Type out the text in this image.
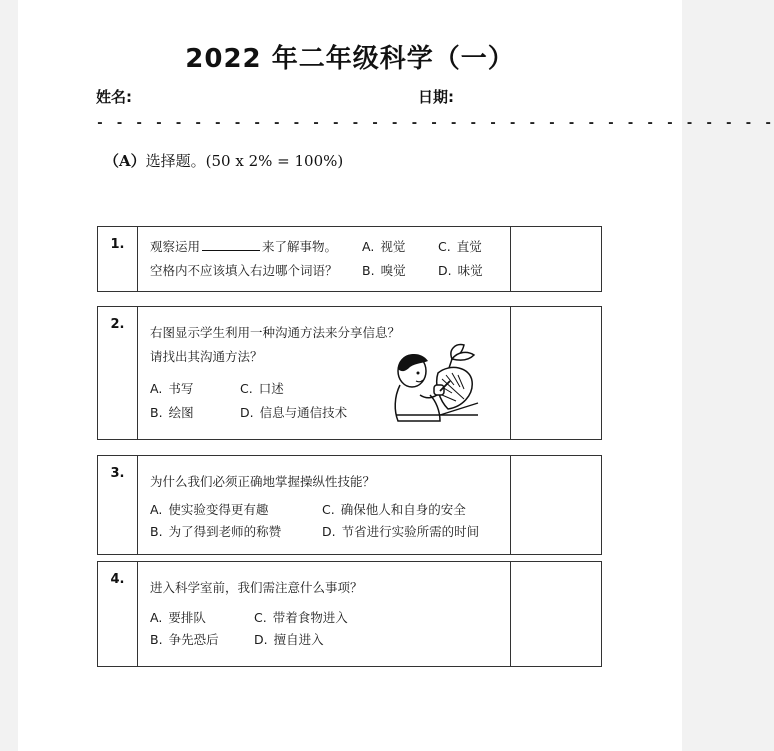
2022 年二年级科学（一）
姓名:	日期:
- - - - - - - - - - - - - - - - - - - - - - - - - - - - - - - - - - -
（A）选择题。(50 x 2% = 100%)
1.	观察运用	来了解事物。
空格内不应该填入右边哪个词语？
A. 视觉	C. 直觉
B. 嗅觉	D. 味觉
2.
右图显示学生利用一种沟通方法来分享信息？
请找出其沟通方法？
A. 书写	C. 口述
B. 绘图	D. 信息与通信技术
3.
为什么我们必须正确地掌握操纵性技能？
A. 使实验变得更有趣	C. 确保他人和自身的安全
B. 为了得到老师的称赞	D. 节省进行实验所需的时间
4.
进入科学室前，我们需注意什么事项？
A. 要排队	C. 带着食物进入
B. 争先恐后	D. 擅自进入
